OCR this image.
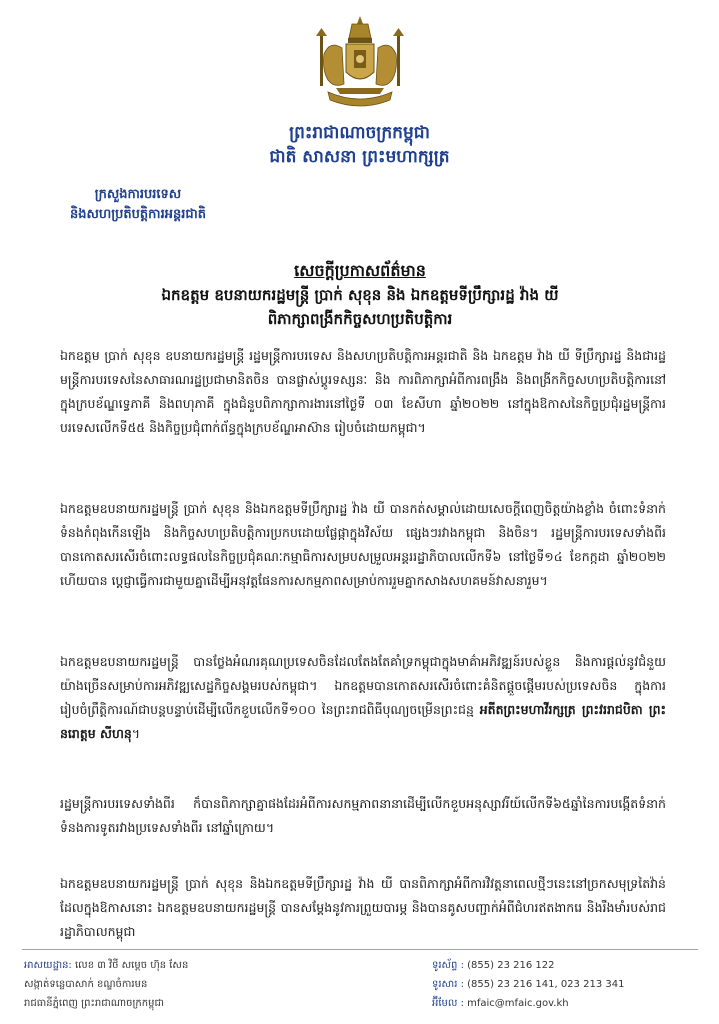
ព្រះរាជាណាចក្រកម្ពុជា
ជាតិ សាសនា ព្រះមហាក្សត្រ
ក្រសួងការបរទេស
និងសហប្រតិបត្តិការអន្តរជាតិ
សេចក្តីប្រកាសព័ត៌មាន
ឯកឧត្តម ឧបនាយករដ្ឋមន្ត្រី ប្រាក់ សុខុន និង ឯកឧត្តមទីប្រឹក្សារដ្ឋ វ៉ាង យី
ពិភាក្សាពង្រីកកិច្ចសហប្រតិបត្តិការ

ឯកឧត្តម ប្រាក់ សុខុន ឧបនាយករដ្ឋមន្ត្រី រដ្ឋមន្ត្រីការបរទេស និងសហប្រតិបត្តិការអន្តរជាតិ និង ឯកឧត្តម វ៉ាង យី ទីប្រឹក្សារដ្ឋ និងជារដ្ឋមន្ត្រីការបរទេសនៃសាធារណរដ្ឋប្រជាមានិតចិន បានផ្លាស់ប្តូរទស្សនៈ និង ការពិភាក្សាអំពីការពង្រឹង និងពង្រីកកិច្ចសហប្រតិបត្តិការនៅក្នុងក្របខ័ណ្ឌទ្វេភាគី និងពហុភាគី ក្នុងជំនួបពិភាក្សាការងារនៅថ្ងៃទី ០៣ ខែសីហា ឆ្នាំ២០២២ នៅក្នុងឱកាសនៃកិច្ចប្រជុំរដ្ឋមន្ត្រីការបរទេសលើកទី៥៥ និងកិច្ចប្រជុំពាក់ព័ន្ធក្នុងក្របខ័ណ្ឌអាស៊ាន រៀបចំដោយកម្ពុជា។

ឯកឧត្តមឧបនាយករដ្ឋមន្ត្រី ប្រាក់ សុខុន និងឯកឧត្តមទីប្រឹក្សារដ្ឋ វ៉ាង យី បានកត់សម្គាល់ដោយសេចក្តីពេញចិត្តយ៉ាងខ្លាំង ចំពោះទំនាក់ទំនងកំពុងកើនឡើង និងកិច្ចសហប្រតិបត្តិការប្រកបដោយផ្លែផ្កាក្នុងវិស័យ ផ្សេងៗរវាងកម្ពុជា និងចិន។ រដ្ឋមន្ត្រីការបរទេសទាំងពីរ បានកោតសរសើរចំពោះលទ្ធផលនៃកិច្ចប្រជុំគណៈកម្មាធិការសម្របសម្រួលអន្តររដ្ឋាភិបាលលើកទី៦ នៅថ្ងៃទី១៤ ខែកក្កដា ឆ្នាំ២០២២ ហើយបាន ប្តេជ្ញាធ្វើការជាមួយគ្នាដើម្បីអនុវត្តផែនការសកម្មភាពសម្រាប់ការរួមគ្នាកសាងសហគមន៍វាសនារួម។

ឯកឧត្តមឧបនាយករដ្ឋមន្ត្រី បានថ្លែងអំណរគុណប្រទេសចិនដែលតែងតែគាំទ្រកម្ពុជាក្នុងមាគ៌ាអភិវឌ្ឍន៍របស់ខ្លួន និងការផ្តល់នូវជំនួយយ៉ាងច្រើនសម្រាប់ការអភិវឌ្ឍសេដ្ឋកិច្ចសង្គមរបស់កម្ពុជា។ ឯកឧត្តមបានកោតសរសើរចំពោះគំនិតផ្តួចផ្តើមរបស់ប្រទេសចិន ក្នុងការរៀបចំព្រឹត្តិការណ៍ជាបន្តបន្ទាប់ដើម្បីលើកខួបលើកទី១០០ នៃព្រះរាជពិធីបុណ្យចម្រើនព្រះជន្ម អតីតព្រះមហាវីរក្សត្រ ព្រះវររាជបិតា ព្រះនរោត្តម សីហនុ។

រដ្ឋមន្ត្រីការបរទេសទាំងពីរ ក៏បានពិភាក្សាគ្នាផងដែរអំពីការសកម្មភាពនានាដើម្បីលើកខួបអនុស្សាវរីយ៍លើកទី៦៥ឆ្នាំនៃការបង្កើតទំនាក់ទំនងការទូតរវាងប្រទេសទាំងពីរ នៅឆ្នាំក្រោយ។

ឯកឧត្តមឧបនាយករដ្ឋមន្ត្រី ប្រាក់ សុខុន និងឯកឧត្តមទីប្រឹក្សារដ្ឋ វ៉ាង យី បានពិភាក្សាអំពីការវិវត្តនាពេលថ្មីៗនេះនៅច្រកសមុទ្រតៃវ៉ាន់ ដែលក្នុងឱកាសនោះ ឯកឧត្តមឧបនាយករដ្ឋមន្ត្រី បានសម្តែងនូវការព្រួយបារម្ភ និងបានគូសបញ្ជាក់អំពីជំហរឥតងាករេ និងរឹងមាំរបស់រាជរដ្ឋាភិបាលកម្ពុជា

អាសយដ្ឋាន: លេខ ៣ វិថី សម្តេច ហ៊ុន សែន
សង្កាត់ទន្លេបាសាក់ ខណ្ឌចំការមន
រាជធានីភ្នំពេញ ព្រះរាជាណាចក្រកម្ពុជា
ទូរស័ព្ទ : (855) 23 216 122
ទូរសារ : (855) 23 216 141, 023 213 341
អ៊ីមែល : mfaic@mfaic.gov.kh
